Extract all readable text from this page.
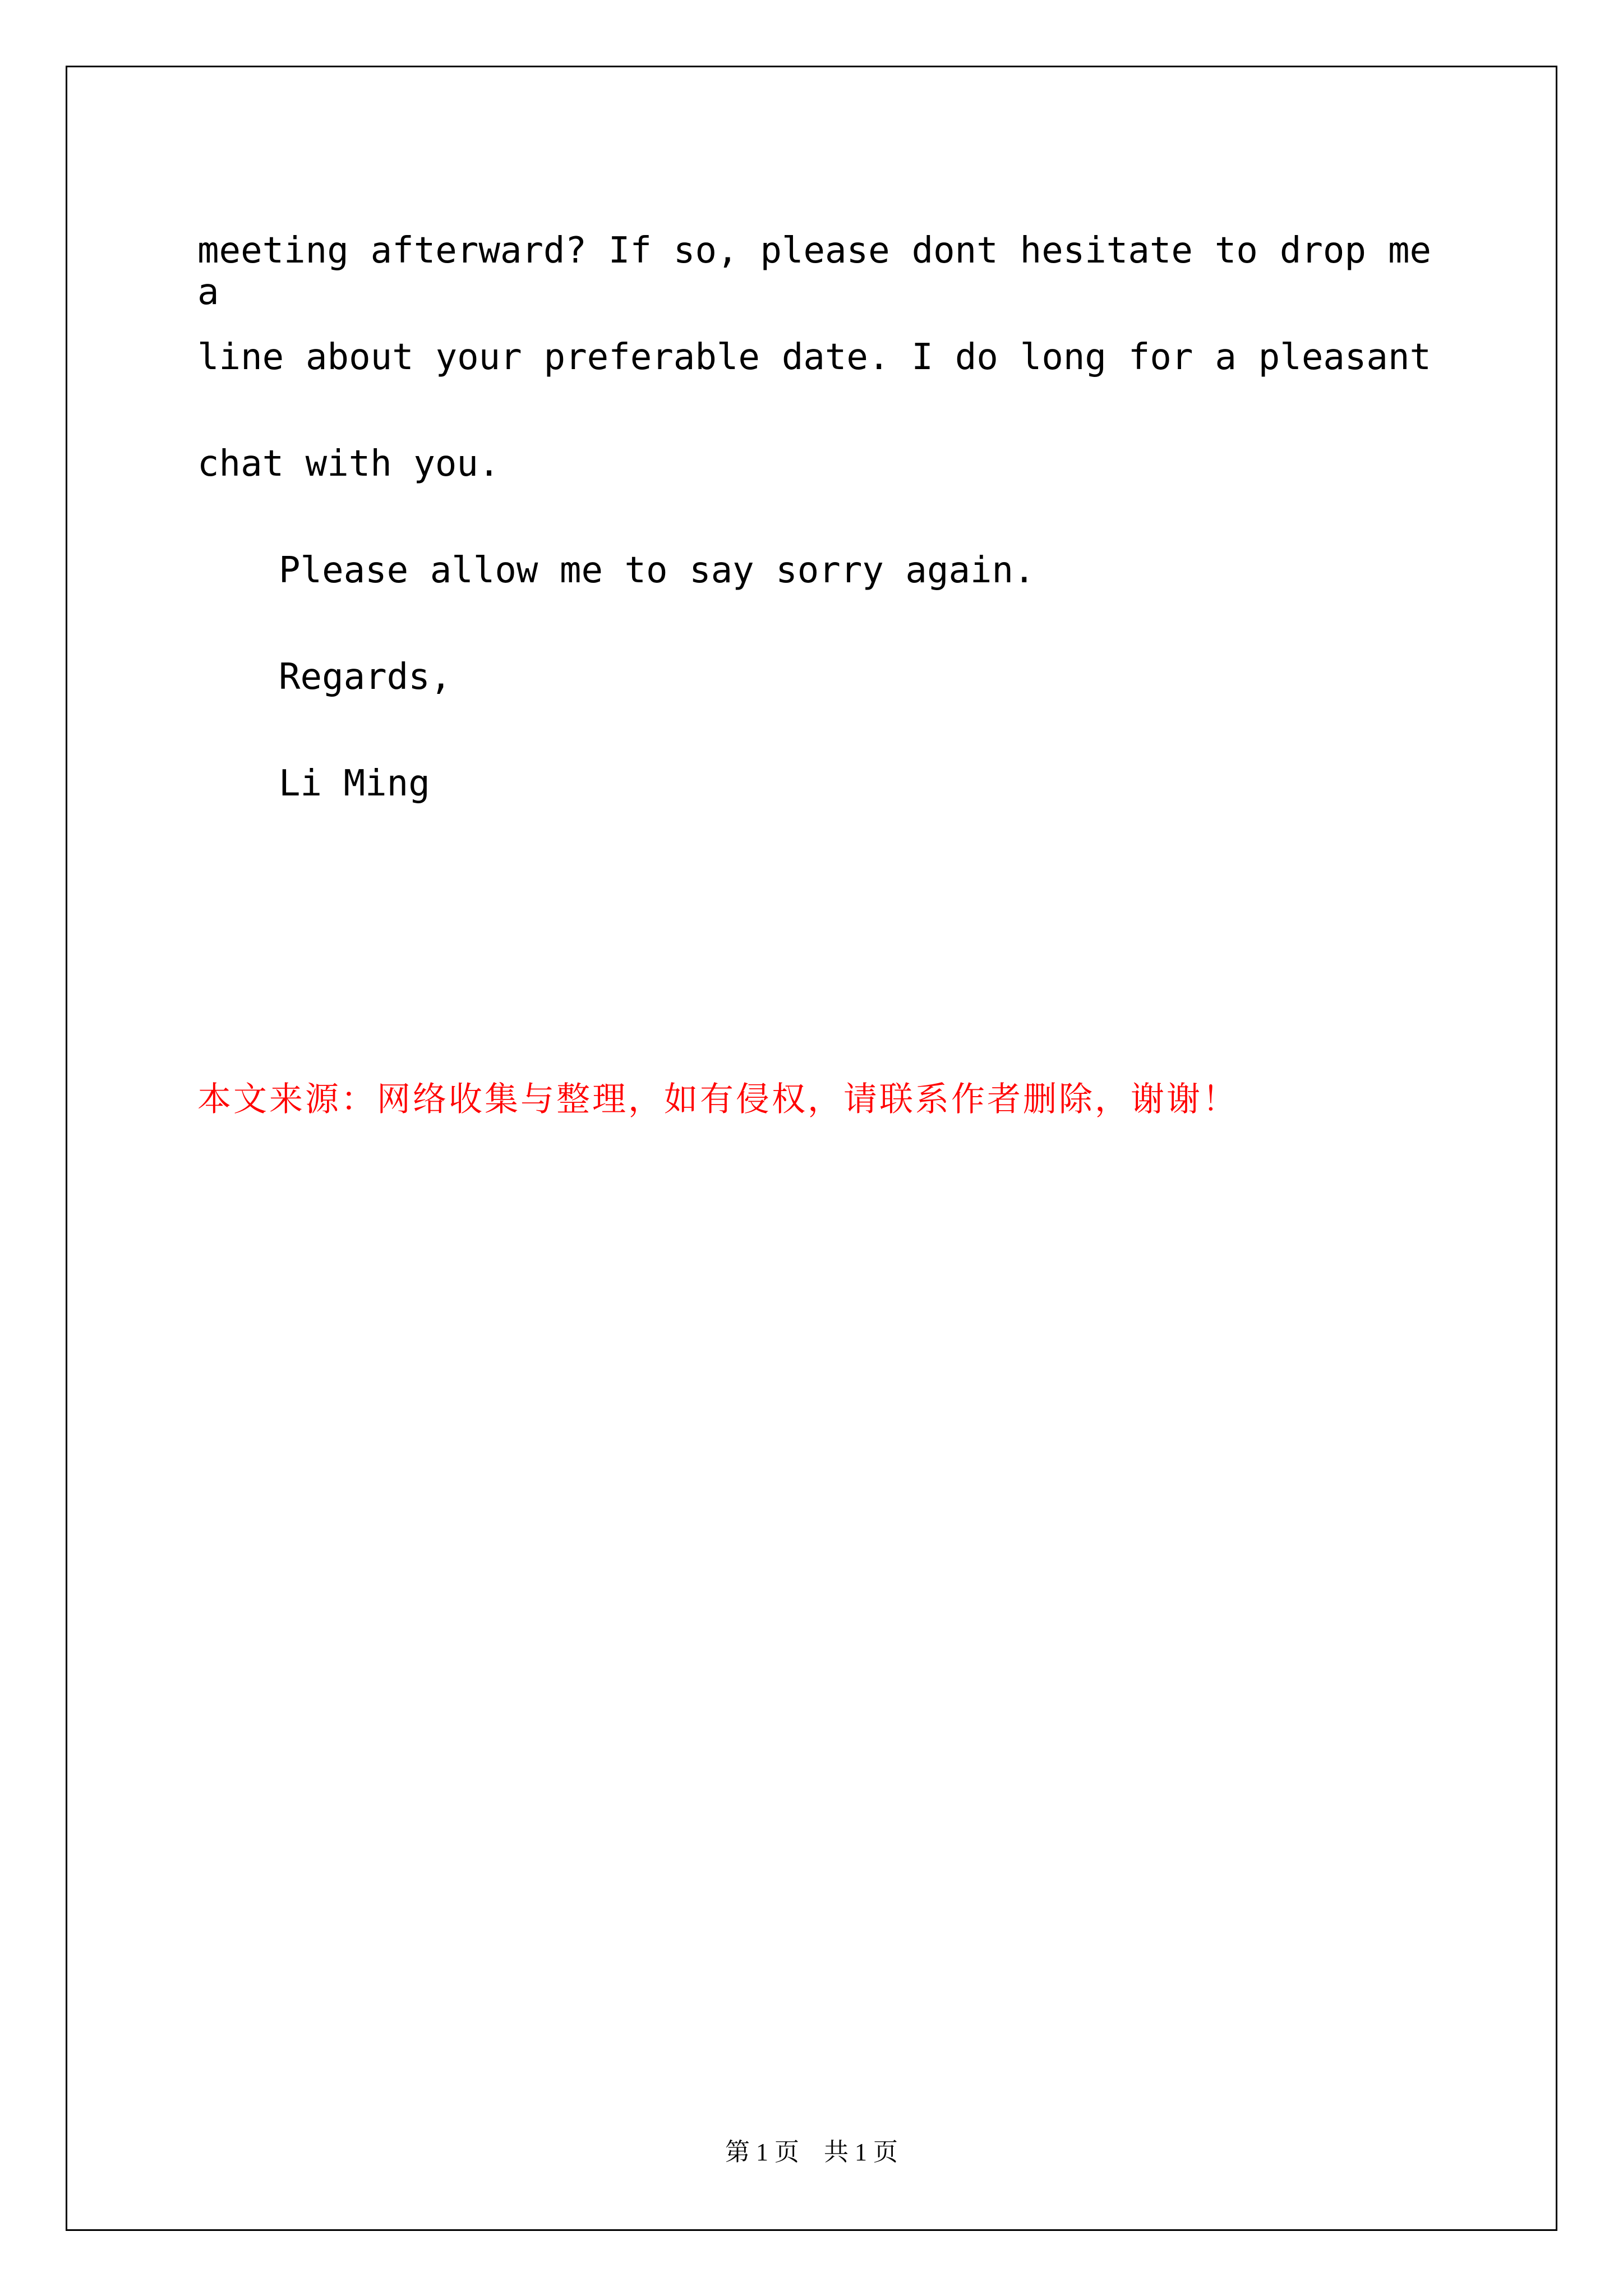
meeting afterward? If so, please dont hesitate to drop me a

line about your preferable date. I do long for a pleasant

chat with you.

Please allow me to say sorry again.

Regards,

Li Ming

本文来源：网络收集与整理，如有侵权，请联系作者删除，谢谢！

第 1 页　共 1 页
